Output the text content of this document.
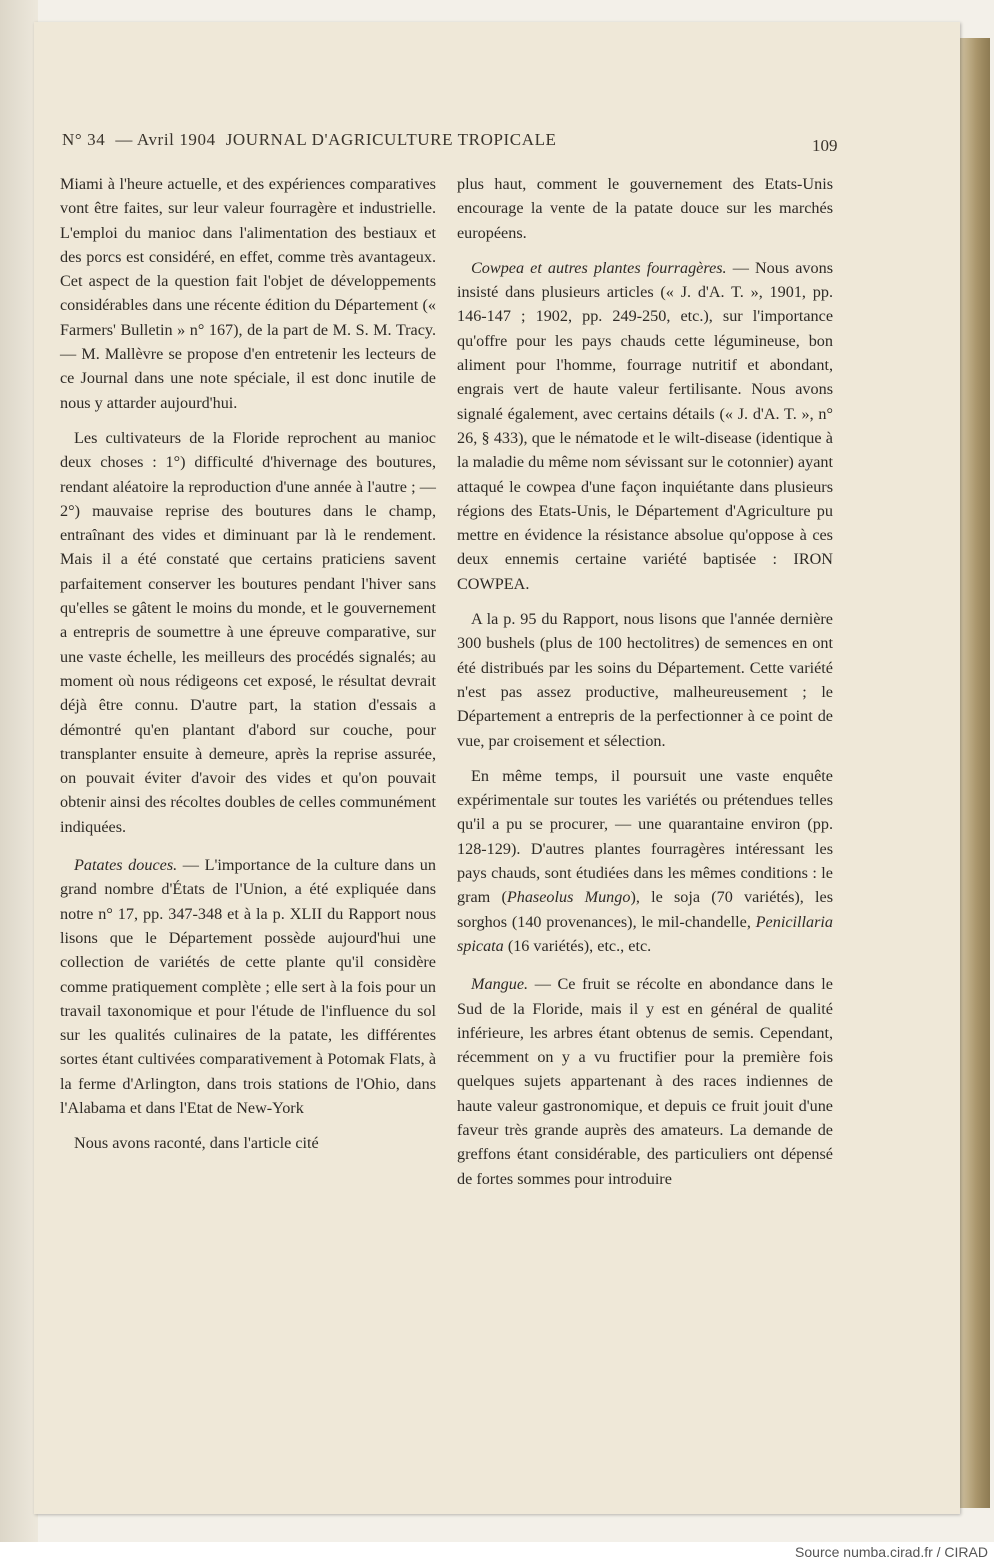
N° 34 — Avril 1904 JOURNAL D'AGRICULTURE TROPICALE	109

Miami à l'heure actuelle, et des expériences comparatives vont être faites, sur leur valeur fourragère et industrielle. L'emploi du manioc dans l'alimentation des bestiaux et des porcs est considéré, en effet, comme très avantageux. Cet aspect de la question fait l'objet de développements considérables dans une récente édition du Département (« Farmers' Bulletin » n° 167), de la part de M. S. M. Tracy. — M. Mallèvre se propose d'en entretenir les lecteurs de ce Journal dans une note spéciale, il est donc inutile de nous y attarder aujourd'hui.

Les cultivateurs de la Floride reprochent au manioc deux choses : 1°) difficulté d'hivernage des boutures, rendant aléatoire la reproduction d'une année à l'autre ; — 2°) mauvaise reprise des boutures dans le champ, entraînant des vides et diminuant par là le rendement. Mais il a été constaté que certains praticiens savent parfaitement conserver les boutures pendant l'hiver sans qu'elles se gâtent le moins du monde, et le gouvernement a entrepris de soumettre à une épreuve comparative, sur une vaste échelle, les meilleurs des procédés signalés; au moment où nous rédigeons cet exposé, le résultat devrait déjà être connu. D'autre part, la station d'essais a démontré qu'en plantant d'abord sur couche, pour transplanter ensuite à demeure, après la reprise assurée, on pouvait éviter d'avoir des vides et qu'on pouvait obtenir ainsi des récoltes doubles de celles communément indiquées.

Patates douces. — L'importance de la culture dans un grand nombre d'États de l'Union, a été expliquée dans notre n° 17, pp. 347-348 et à la p. XLII du Rapport nous lisons que le Département possède aujourd'hui une collection de variétés de cette plante qu'il considère comme pratiquement complète ; elle sert à la fois pour un travail taxonomique et pour l'étude de l'influence du sol sur les qualités culinaires de la patate, les différentes sortes étant cultivées comparativement à Potomak Flats, à la ferme d'Arlington, dans trois stations de l'Ohio, dans l'Alabama et dans l'Etat de New-York

Nous avons raconté, dans l'article cité

plus haut, comment le gouvernement des Etats-Unis encourage la vente de la patate douce sur les marchés européens.

Cowpea et autres plantes fourragères. — Nous avons insisté dans plusieurs articles (« J. d'A. T. », 1901, pp. 146-147 ; 1902, pp. 249-250, etc.), sur l'importance qu'offre pour les pays chauds cette légumineuse, bon aliment pour l'homme, fourrage nutritif et abondant, engrais vert de haute valeur fertilisante. Nous avons signalé également, avec certains détails (« J. d'A. T. », n° 26, § 433), que le nématode et le wilt-disease (identique à la maladie du même nom sévissant sur le cotonnier) ayant attaqué le cowpea d'une façon inquiétante dans plusieurs régions des Etats-Unis, le Département d'Agriculture pu mettre en évidence la résistance absolue qu'oppose à ces deux ennemis certaine variété baptisée : IRON COWPEA.

A la p. 95 du Rapport, nous lisons que l'année dernière 300 bushels (plus de 100 hectolitres) de semences en ont été distribués par les soins du Département. Cette variété n'est pas assez productive, malheureusement ; le Département a entrepris de la perfectionner à ce point de vue, par croisement et sélection.

En même temps, il poursuit une vaste enquête expérimentale sur toutes les variétés ou prétendues telles qu'il a pu se procurer, — une quarantaine environ (pp. 128-129). D'autres plantes fourragères intéressant les pays chauds, sont étudiées dans les mêmes conditions : le gram (Phaseolus Mungo), le soja (70 variétés), les sorghos (140 provenances), le mil-chandelle, Penicillaria spicata (16 variétés), etc., etc.

Mangue. — Ce fruit se récolte en abondance dans le Sud de la Floride, mais il y est en général de qualité inférieure, les arbres étant obtenus de semis. Cependant, récemment on y a vu fructifier pour la première fois quelques sujets appartenant à des races indiennes de haute valeur gastronomique, et depuis ce fruit jouit d'une faveur très grande auprès des amateurs. La demande de greffons étant considérable, des particuliers ont dépensé de fortes sommes pour introduire

Source numba.cirad.fr / CIRAD
